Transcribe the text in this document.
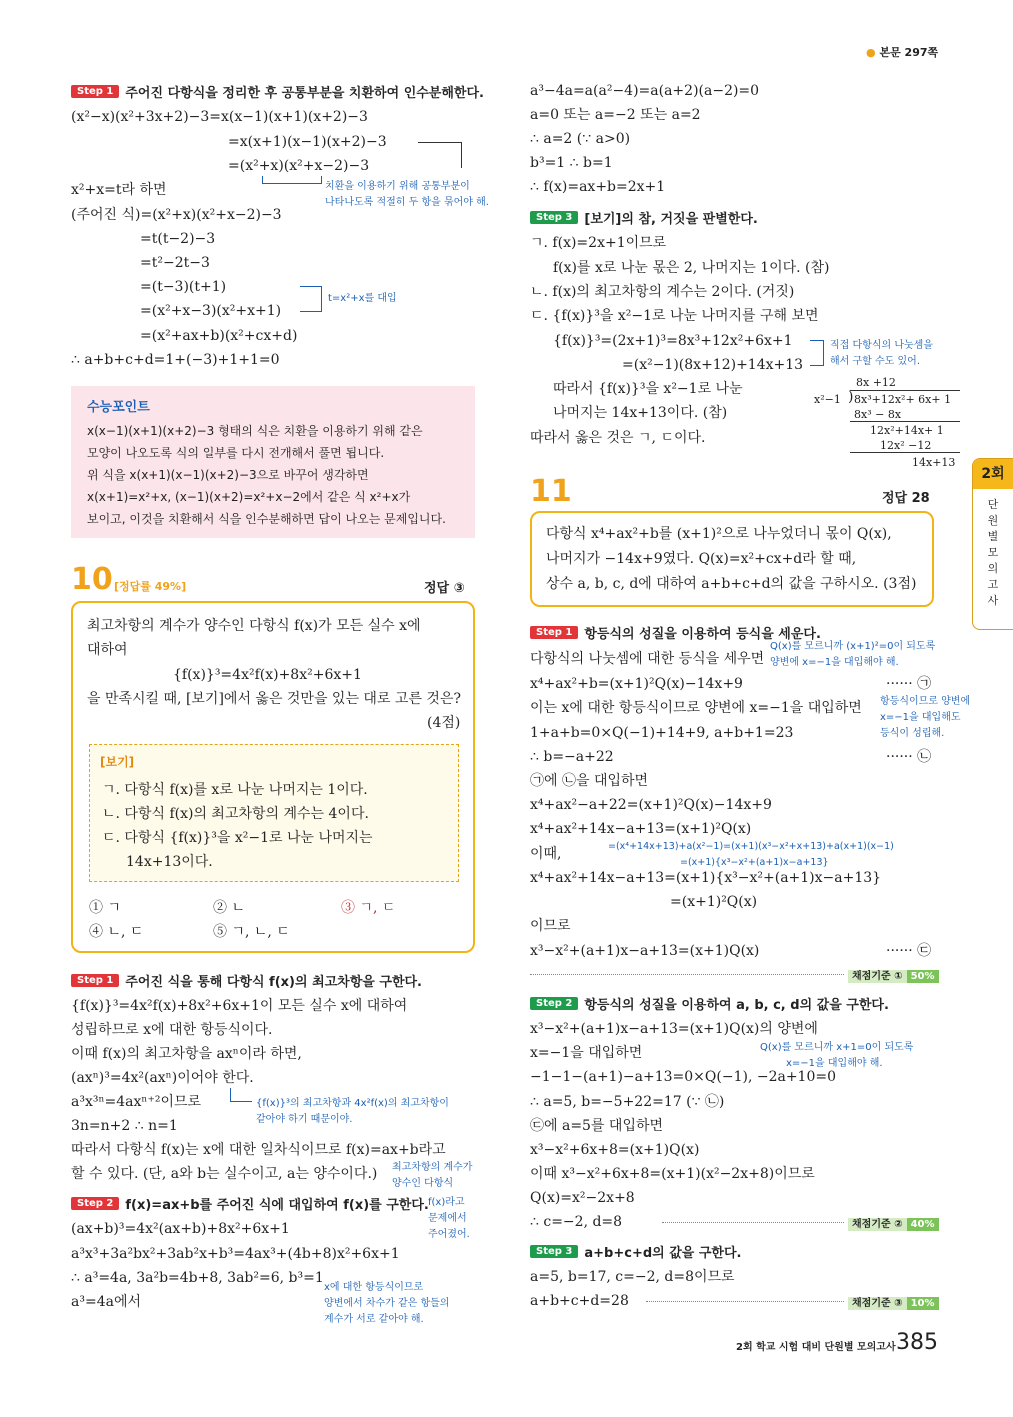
● 본문 297쪽
Step 1 주어진 다항식을 정리한 후 공통부분을 치환하여 인수분해한다.
(x²−x)(x²+3x+2)−3=x(x−1)(x+1)(x+2)−3
=x(x+1)(x−1)(x+2)−3
=(x²+x)(x²+x−2)−3
치환을 이용하기 위해 공통부분이
나타나도록 적절히 두 항을 묶어야 해.
x²+x=t라 하면
(주어진 식)=(x²+x)(x²+x−2)−3
=t(t−2)−3
=t²−2t−3
=(t−3)(t+1)
=(x²+x−3)(x²+x+1)
=(x²+ax+b)(x²+cx+d)
t=x²+x를 대입
∴ a+b+c+d=1+(−3)+1+1=0
수능포인트
x(x−1)(x+1)(x+2)−3 형태의 식은 치환을 이용하기 위해 같은
모양이 나오도록 식의 일부를 다시 전개해서 풀면 됩니다.
위 식을 x(x+1)(x−1)(x+2)−3으로 바꾸어 생각하면
x(x+1)=x²+x, (x−1)(x+2)=x²+x−2에서 같은 식 x²+x가
보이고, 이것을 치환해서 식을 인수분해하면 답이 나오는 문제입니다.
10 [정답률 49%]	정답 ③
최고차항의 계수가 양수인 다항식 f(x)가 모든 실수 x에
대하여
{f(x)}³=4x²f(x)+8x²+6x+1
을 만족시킬 때, [보기]에서 옳은 것만을 있는 대로 고른 것은?
(4점)
[보기]
ㄱ. 다항식 f(x)를 x로 나눈 나머지는 1이다.
ㄴ. 다항식 f(x)의 최고차항의 계수는 4이다.
ㄷ. 다항식 {f(x)}³을 x²−1로 나눈 나머지는
14x+13이다.
① ㄱ	② ㄴ	③ ㄱ, ㄷ
④ ㄴ, ㄷ	⑤ ㄱ, ㄴ, ㄷ
Step 1 주어진 식을 통해 다항식 f(x)의 최고차항을 구한다.
{f(x)}³=4x²f(x)+8x²+6x+1이 모든 실수 x에 대하여
성립하므로 x에 대한 항등식이다.
이때 f(x)의 최고차항을 axⁿ이라 하면,
(axⁿ)³=4x²(axⁿ)이어야 한다.
a³x³ⁿ=4axⁿ⁺²이므로	{f(x)}³의 최고차항과 4x²f(x)의 최고차항이
같아야 하기 때문이야.
3n=n+2 ∴ n=1
따라서 다항식 f(x)는 x에 대한 일차식이므로 f(x)=ax+b라고
할 수 있다. (단, a와 b는 실수이고, a는 양수이다.) 최고차항의 계수가
양수인 다항식
Step 2 f(x)=ax+b를 주어진 식에 대입하여 f(x)를 구한다. f(x)라고
문제에서
주어졌어.
(ax+b)³=4x²(ax+b)+8x²+6x+1
a³x³+3a²bx²+3ab²x+b³=4ax³+(4b+8)x²+6x+1
∴ a³=4a, 3a²b=4b+8, 3ab²=6, b³=1
a³=4a에서
x에 대한 항등식이므로
양변에서 차수가 같은 항들의
계수가 서로 같아야 해.
a³−4a=a(a²−4)=a(a+2)(a−2)=0
a=0 또는 a=−2 또는 a=2
∴ a=2 (∵ a>0)
b³=1 ∴ b=1
∴ f(x)=ax+b=2x+1
Step 3 [보기]의 참, 거짓을 판별한다.
ㄱ. f(x)=2x+1이므로
f(x)를 x로 나눈 몫은 2, 나머지는 1이다. (참)
ㄴ. f(x)의 최고차항의 계수는 2이다. (거짓)
ㄷ. {f(x)}³을 x²−1로 나눈 나머지를 구해 보면
{f(x)}³=(2x+1)³=8x³+12x²+6x+1
=(x²−1)(8x+12)+14x+13
직접 다항식의 나눗셈을
해서 구할 수도 있어.
따라서 {f(x)}³을 x²−1로 나눈
나머지는 14x+13이다. (참)
따라서 옳은 것은 ㄱ, ㄷ이다.
8x +12
x²−1 ) 8x³+12x²+ 6x+ 1
8x³ − 8x
12x²+14x+ 1
12x² −12
14x+13
11	정답 28
다항식 x⁴+ax²+b를 (x+1)²으로 나누었더니 몫이 Q(x),
나머지가 −14x+9였다. Q(x)=x²+cx+d라 할 때,
상수 a, b, c, d에 대하여 a+b+c+d의 값을 구하시오. (3점)
Step 1 항등식의 성질을 이용하여 등식을 세운다.
Q(x)를 모르니까 (x+1)²=0이 되도록
양변에 x=−1을 대입해야 해.
다항식의 나눗셈에 대한 등식을 세우면
x⁴+ax²+b=(x+1)²Q(x)−14x+9	······ ㉠
이는 x에 대한 항등식이므로 양변에 x=−1을 대입하면 항등식이므로 양변에
x=−1을 대입해도
등식이 성립해.
1+a+b=0×Q(−1)+14+9, a+b+1=23
∴ b=−a+22	······ ㉡
㉠에 ㉡을 대입하면
x⁴+ax²−a+22=(x+1)²Q(x)−14x+9
x⁴+ax²+14x−a+13=(x+1)²Q(x)
이때,	=(x⁴+14x+13)+a(x²−1)=(x+1)(x³−x²+x+13)+a(x+1)(x−1)
=(x+1){x³−x²+(a+1)x−a+13}
x⁴+ax²+14x−a+13=(x+1){x³−x²+(a+1)x−a+13}
=(x+1)²Q(x)
이므로
x³−x²+(a+1)x−a+13=(x+1)Q(x)	······ ㉢
채점기준 ① 50%
Step 2 항등식의 성질을 이용하여 a, b, c, d의 값을 구한다.
x³−x²+(a+1)x−a+13=(x+1)Q(x)의 양변에
x=−1을 대입하면	Q(x)를 모르니까 x+1=0이 되도록
x=−1을 대입해야 해.
−1−1−(a+1)−a+13=0×Q(−1), −2a+10=0
∴ a=5, b=−5+22=17 (∵ ㉡)
㉢에 a=5를 대입하면
x³−x²+6x+8=(x+1)Q(x)
이때 x³−x²+6x+8=(x+1)(x²−2x+8)이므로
Q(x)=x²−2x+8
∴ c=−2, d=8	채점기준 ② 40%
Step 3 a+b+c+d의 값을 구한다.
a=5, b=17, c=−2, d=8이므로
a+b+c+d=28	채점기준 ③ 10%
2회
단원별모의고사
2회 학교 시험 대비 단원별 모의고사 385
